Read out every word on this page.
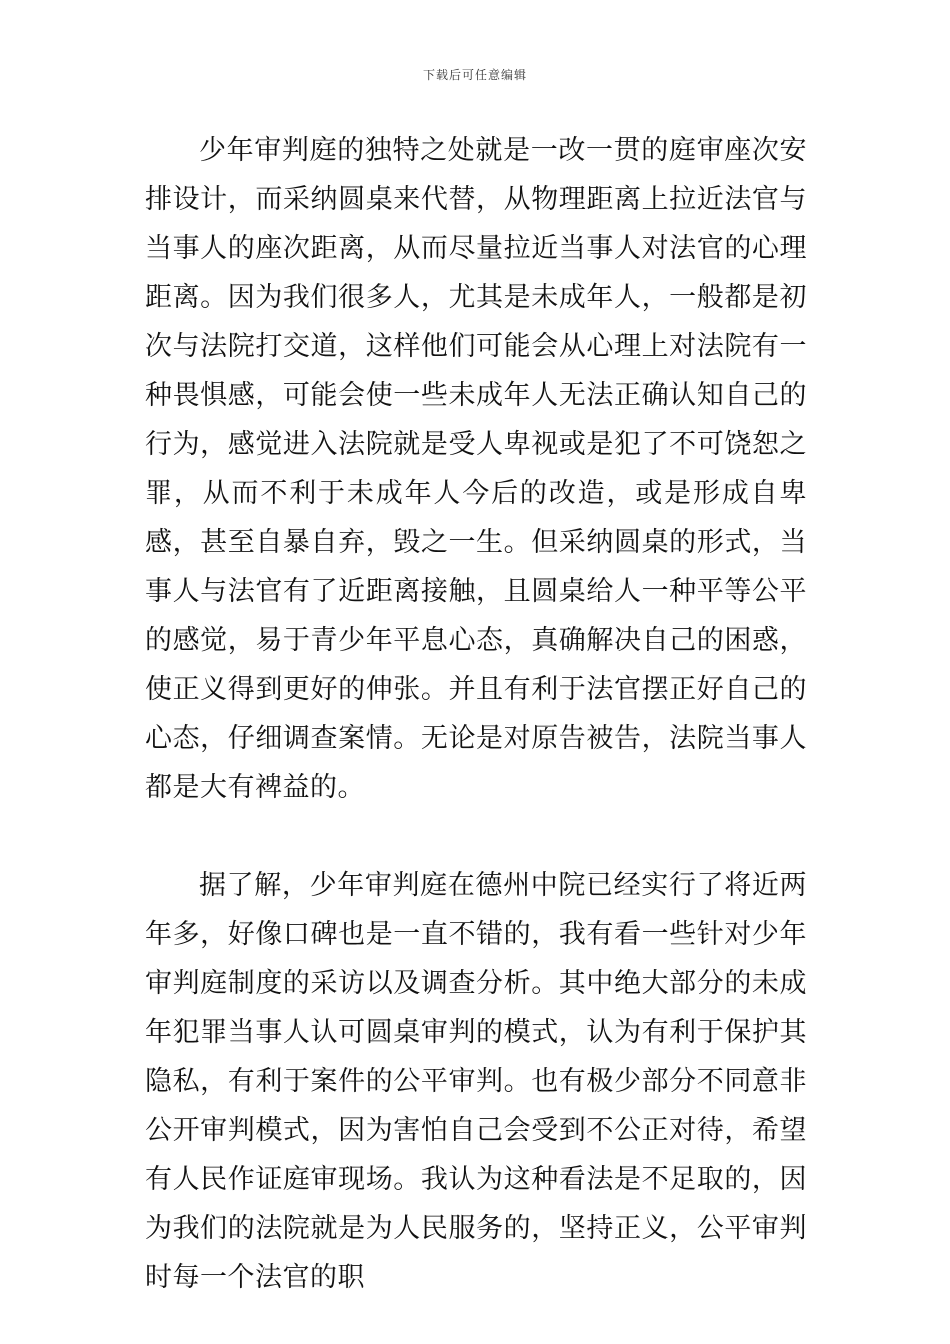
下载后可任意编辑

少年审判庭的独特之处就是一改一贯的庭审座次安排设计，而采纳圆桌来代替，从物理距离上拉近法官与当事人的座次距离，从而尽量拉近当事人对法官的心理距离。因为我们很多人，尤其是未成年人，一般都是初次与法院打交道，这样他们可能会从心理上对法院有一种畏惧感，可能会使一些未成年人无法正确认知自己的行为，感觉进入法院就是受人卑视或是犯了不可饶恕之罪，从而不利于未成年人今后的改造，或是形成自卑感，甚至自暴自弃，毁之一生。但采纳圆桌的形式，当事人与法官有了近距离接触，且圆桌给人一种平等公平的感觉，易于青少年平息心态，真确解决自己的困惑，使正义得到更好的伸张。并且有利于法官摆正好自己的心态，仔细调查案情。无论是对原告被告，法院当事人都是大有裨益的。

据了解，少年审判庭在德州中院已经实行了将近两年多，好像口碑也是一直不错的，我有看一些针对少年审判庭制度的采访以及调查分析。其中绝大部分的未成年犯罪当事人认可圆桌审判的模式，认为有利于保护其隐私，有利于案件的公平审判。也有极少部分不同意非公开审判模式，因为害怕自己会受到不公正对待，希望有人民作证庭审现场。我认为这种看法是不足取的，因为我们的法院就是为人民服务的，坚持正义，公平审判时每一个法官的职
